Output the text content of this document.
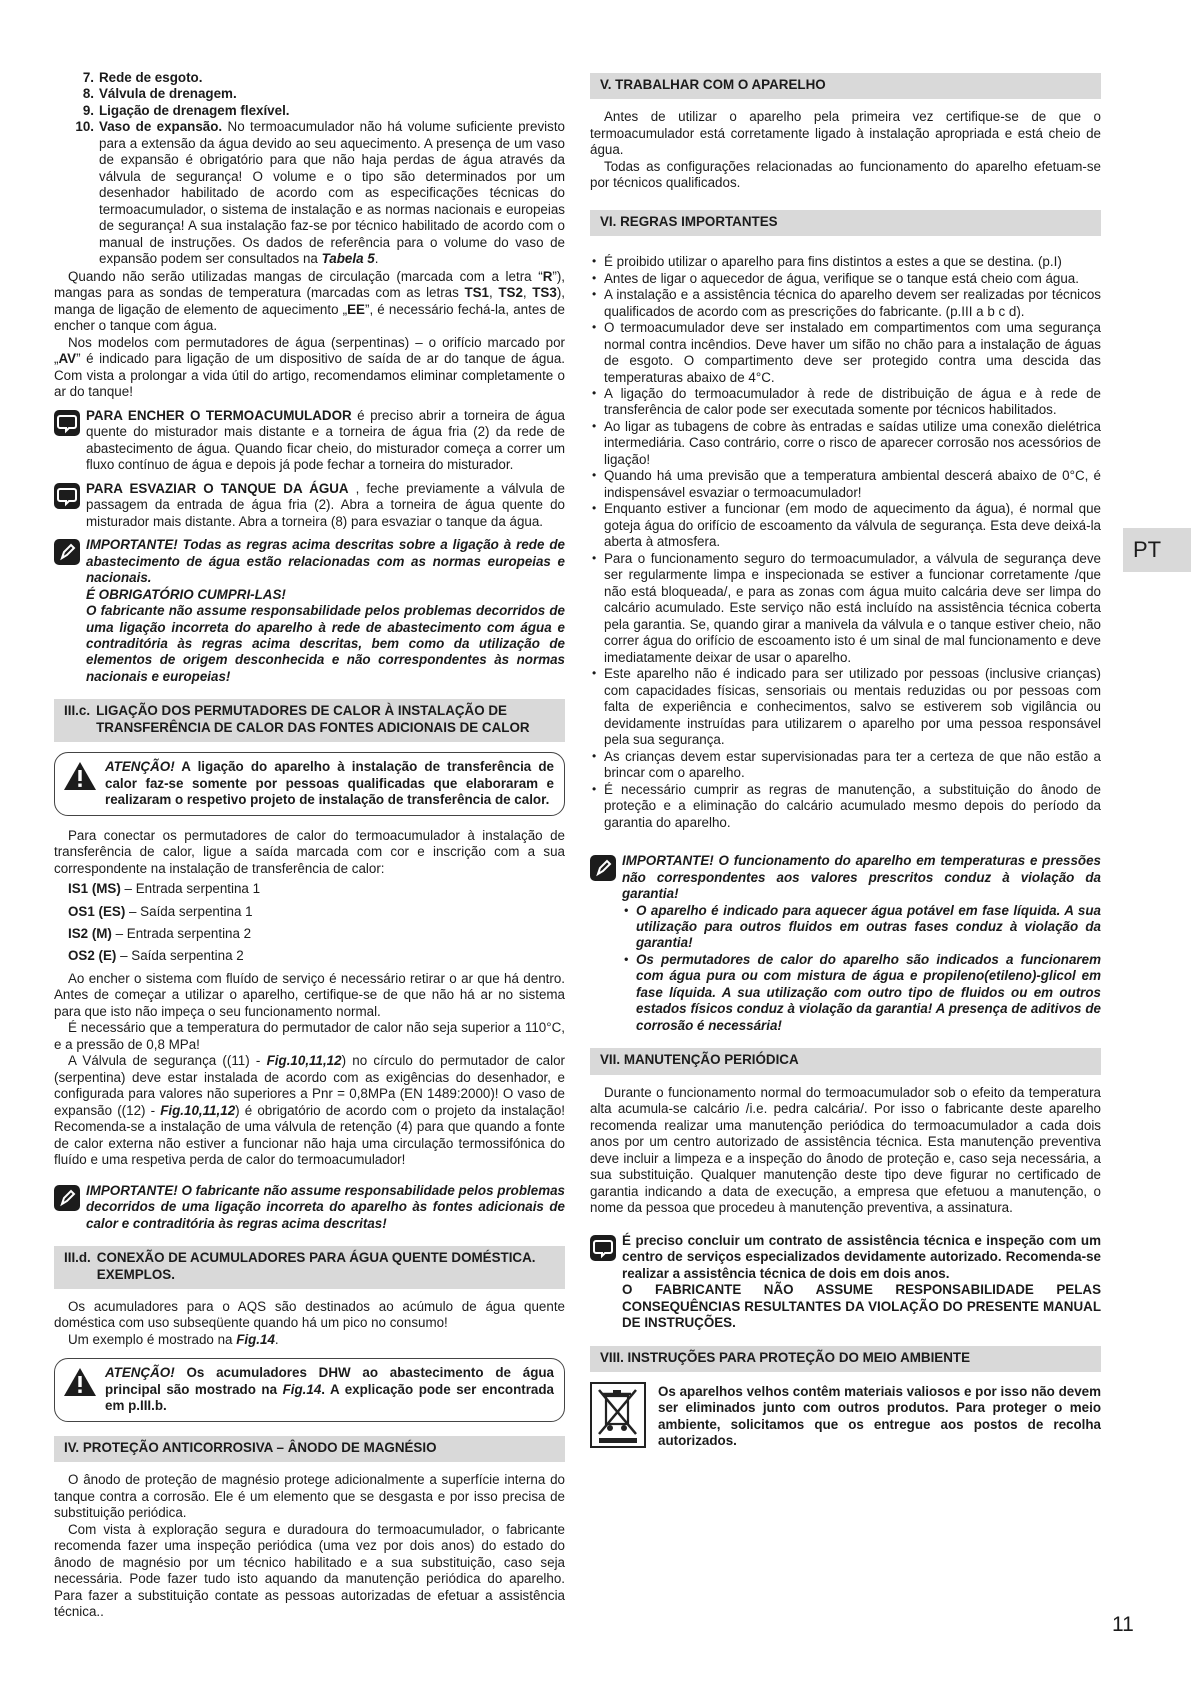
7. Rede de esgoto.
8. Válvula de drenagem.
9. Ligação de drenagem flexível.
10. Vaso de expansão. No termoacumulador não há volume suficiente previsto para a extensão da água devido ao seu aquecimento. A presença de um vaso de expansão é obrigatório para que não haja perdas de água através da válvula de segurança! O volume e o tipo são determinados por um desenhador habilitado de acordo com as especificações técnicas do termoacumulador, o sistema de instalação e as normas nacionais e europeias de segurança! A sua instalação faz-se por técnico habilitado de acordo com o manual de instruções. Os dados de referência para o volume do vaso de expansão podem ser consultados na Tabela 5.

Quando não serão utilizadas mangas de circulação (marcada com a letra “R”), mangas para as sondas de temperatura (marcadas com as letras TS1, TS2, TS3), manga de ligação de elemento de aquecimento „EE”, é necessário fechá-la, antes de encher o tanque com água.

Nos modelos com permutadores de água (serpentinas) – o orifício marcado por „AV” é indicado para ligação de um dispositivo de saída de ar do tanque de água. Com vista a prolongar a vida útil do artigo, recomendamos eliminar completamente o ar do tanque!

PARA ENCHER O TERMOACUMULADOR é preciso abrir a torneira de água quente do misturador mais distante e a torneira de água fria (2) da rede de abastecimento de água. Quando ficar cheio, do misturador começa a correr um fluxo contínuo de água e depois já pode fechar a torneira do misturador.
PARA ESVAZIAR O TANQUE DA ÁGUA , feche previamente a válvula de passagem da entrada de água fria (2). Abra a torneira de água quente do misturador mais distante. Abra a torneira (8) para esvaziar o tanque da água.

IMPORTANTE! Todas as regras acima descritas sobre a ligação à rede de abastecimento de água estão relacionadas com as normas europeias e nacionais.

É OBRIGATÓRIO CUMPRI-LAS!

O fabricante não assume responsabilidade pelos problemas decorridos de uma ligação incorreta do aparelho à rede de abastecimento com água e contraditória às regras acima descritas, bem como da utilização de elementos de origem desconhecida e não correspondentes às normas nacionais e europeias!

III.c. LIGAÇÃO DOS PERMUTADORES DE CALOR À INSTALAÇÃO DE TRANSFERÊNCIA DE CALOR DAS FONTES ADICIONAIS DE CALOR
ATENÇÃO! A ligação do aparelho à instalação de transferência de calor faz-se somente por pessoas qualificadas que elaboraram e realizaram o respetivo projeto de instalação de transferência de calor.

Para conectar os permutadores de calor do termoacumulador à instalação de transferência de calor, ligue a saída marcada com cor e inscrição com a sua correspondente na instalação de transferência de calor:

IS1 (MS) – Entrada serpentina 1

OS1 (ES) – Saída serpentina 1

IS2 (M) – Entrada serpentina 2

OS2 (E) – Saída serpentina 2

Ao encher o sistema com fluído de serviço é necessário retirar o ar que há dentro. Antes de começar a utilizar o aparelho, certifique-se de que não há ar no sistema para que isto não impeça o seu funcionamento normal.

É necessário que a temperatura do permutador de calor não seja superior a 110°C, e a pressão de 0,8 MPa!

A Válvula de segurança ((11) - Fig.10,11,12) no círculo do permutador de calor (serpentina) deve estar instalada de acordo com as exigências do desenhador, e configurada para valores não superiores a Pnr = 0,8MPa (EN 1489:2000)! O vaso de expansão ((12) - Fig.10,11,12) é obrigatório de acordo com o projeto da instalação! Recomenda-se a instalação de uma válvula de retenção (4) para que quando a fonte de calor externa não estiver a funcionar não haja uma circulação termossifónica do fluído e uma respetiva perda de calor do termoacumulador!

IMPORTANTE! O fabricante não assume responsabilidade pelos problemas decorridos de uma ligação incorreta do aparelho às fontes adicionais de calor e contraditória às regras acima descritas!
III.d. CONEXÃO DE ACUMULADORES PARA ÁGUA QUENTE DOMÉSTICA. EXEMPLOS.

Os acumuladores para o AQS são destinados ao acúmulo de água quente doméstica com uso subseqüente quando há um pico no consumo!

Um exemplo é mostrado na Fig.14.

ATENÇÃO! Os acumuladores DHW ao abastecimento de água principal são mostrado na Fig.14. A explicação pode ser encontrada em p.III.b.
IV. PROTEÇÃO ANTICORROSIVA – ÂNODO DE MAGNÉSIO

O ânodo de proteção de magnésio protege adicionalmente a superfície interna do tanque contra a corrosão. Ele é um elemento que se desgasta e por isso precisa de substituição periódica.

Com vista à exploração segura e duradoura do termoacumulador, o fabricante recomenda fazer uma inspeção periódica (uma vez por dois anos) do estado do ânodo de magnésio por um técnico habilitado e a sua substituição, caso seja necessária. Pode fazer tudo isto aquando da manutenção periódica do aparelho. Para fazer a substituição contate as pessoas autorizadas de efetuar a assistência técnica..

V. TRABALHAR COM O APARELHO

Antes de utilizar o aparelho pela primeira vez certifique-se de que o termoacumulador está corretamente ligado à instalação apropriada e está cheio de água.

Todas as configurações relacionadas ao funcionamento do aparelho efetuam-se por técnicos qualificados.

VI. REGRAS IMPORTANTES
• É proibido utilizar o aparelho para fins distintos a estes a que se destina. (p.I)
• Antes de ligar o aquecedor de água, verifique se o tanque está cheio com água.
• A instalação e a assistência técnica do aparelho devem ser realizadas por técnicos qualificados de acordo com as prescrições do fabricante. (p.III a b c d).
• O termoacumulador deve ser instalado em compartimentos com uma segurança normal contra incêndios. Deve haver um sifão no chão para a instalação de águas de esgoto. O compartimento deve ser protegido contra uma descida das temperaturas abaixo de 4°C.
• A ligação do termoacumulador à rede de distribuição de água e à rede de transferência de calor pode ser executada somente por técnicos habilitados.
• Ao ligar as tubagens de cobre às entradas e saídas utilize uma conexão dielétrica intermediária. Caso contrário, corre o risco de aparecer corrosão nos acessórios de ligação!
• Quando há uma previsão que a temperatura ambiental descerá abaixo de 0°C, é indispensável esvaziar o termoacumulador!
• Enquanto estiver a funcionar (em modo de aquecimento da água), é normal que goteja água do orifício de escoamento da válvula de segurança. Esta deve deixá-la aberta à atmosfera.
• Para o funcionamento seguro do termoacumulador, a válvula de segurança deve ser regularmente limpa e inspecionada se estiver a funcionar corretamente /que não está bloqueada/, e para as zonas com água muito calcária deve ser limpa do calcário acumulado. Este serviço não está incluído na assistência técnica coberta pela garantia. Se, quando girar a manivela da válvula e o tanque estiver cheio, não correr água do orifício de escoamento isto é um sinal de mal funcionamento e deve imediatamente deixar de usar o aparelho.
• Este aparelho não é indicado para ser utilizado por pessoas (inclusive crianças) com capacidades físicas, sensoriais ou mentais reduzidas ou por pessoas com falta de experiência e conhecimentos, salvo se estiverem sob vigilância ou devidamente instruídas para utilizarem o aparelho por uma pessoa responsável pela sua segurança.
• As crianças devem estar supervisionadas para ter a certeza de que não estão a brincar com o aparelho.
• É necessário cumprir as regras de manutenção, a substituição do ânodo de proteção e a eliminação do calcário acumulado mesmo depois do período da garantia do aparelho.

IMPORTANTE! O funcionamento do aparelho em temperaturas e pressões não correspondentes aos valores prescritos conduz à violação da garantia!

• O aparelho é indicado para aquecer água potável em fase líquida. A sua utilização para outros fluidos em outras fases conduz à violação da garantia!
• Os permutadores de calor do aparelho são indicados a funcionarem com água pura ou com mistura de água e propileno(etileno)-glicol em fase líquida. A sua utilização com outro tipo de fluidos ou em outros estados físicos conduz à violação da garantia! A presença de aditivos de corrosão é necessária!
VII. MANUTENÇÃO PERIÓDICA

Durante o funcionamento normal do termoacumulador sob o efeito da temperatura alta acumula-se calcário /i.e. pedra calcária/. Por isso o fabricante deste aparelho recomenda realizar uma manutenção periódica do termoacumulador a cada dois anos por um centro autorizado de assistência técnica. Esta manutenção preventiva deve incluir a limpeza e a inspeção do ânodo de proteção e, caso seja necessária, a sua substituição. Qualquer manutenção deste tipo deve figurar no certificado de garantia indicando a data de execução, a empresa que efetuou a manutenção, o nome da pessoa que procedeu à manutenção preventiva, a assinatura.

É preciso concluir um contrato de assistência técnica e inspeção com um centro de serviços especializados devidamente autorizado. Recomenda-se realizar a assistência técnica de dois em dois anos.

O FABRICANTE NÃO ASSUME RESPONSABILIDADE PELAS CONSEQUÊNCIAS RESULTANTES DA VIOLAÇÃO DO PRESENTE MANUAL DE INSTRUÇÕES.

VIII. INSTRUÇÕES PARA PROTEÇÃO DO MEIO AMBIENTE
Os aparelhos velhos contêm materiais valiosos e por isso não devem ser eliminados junto com outros produtos. Para proteger o meio ambiente, solicitamos que os entregue aos postos de recolha autorizados.
PT
11
